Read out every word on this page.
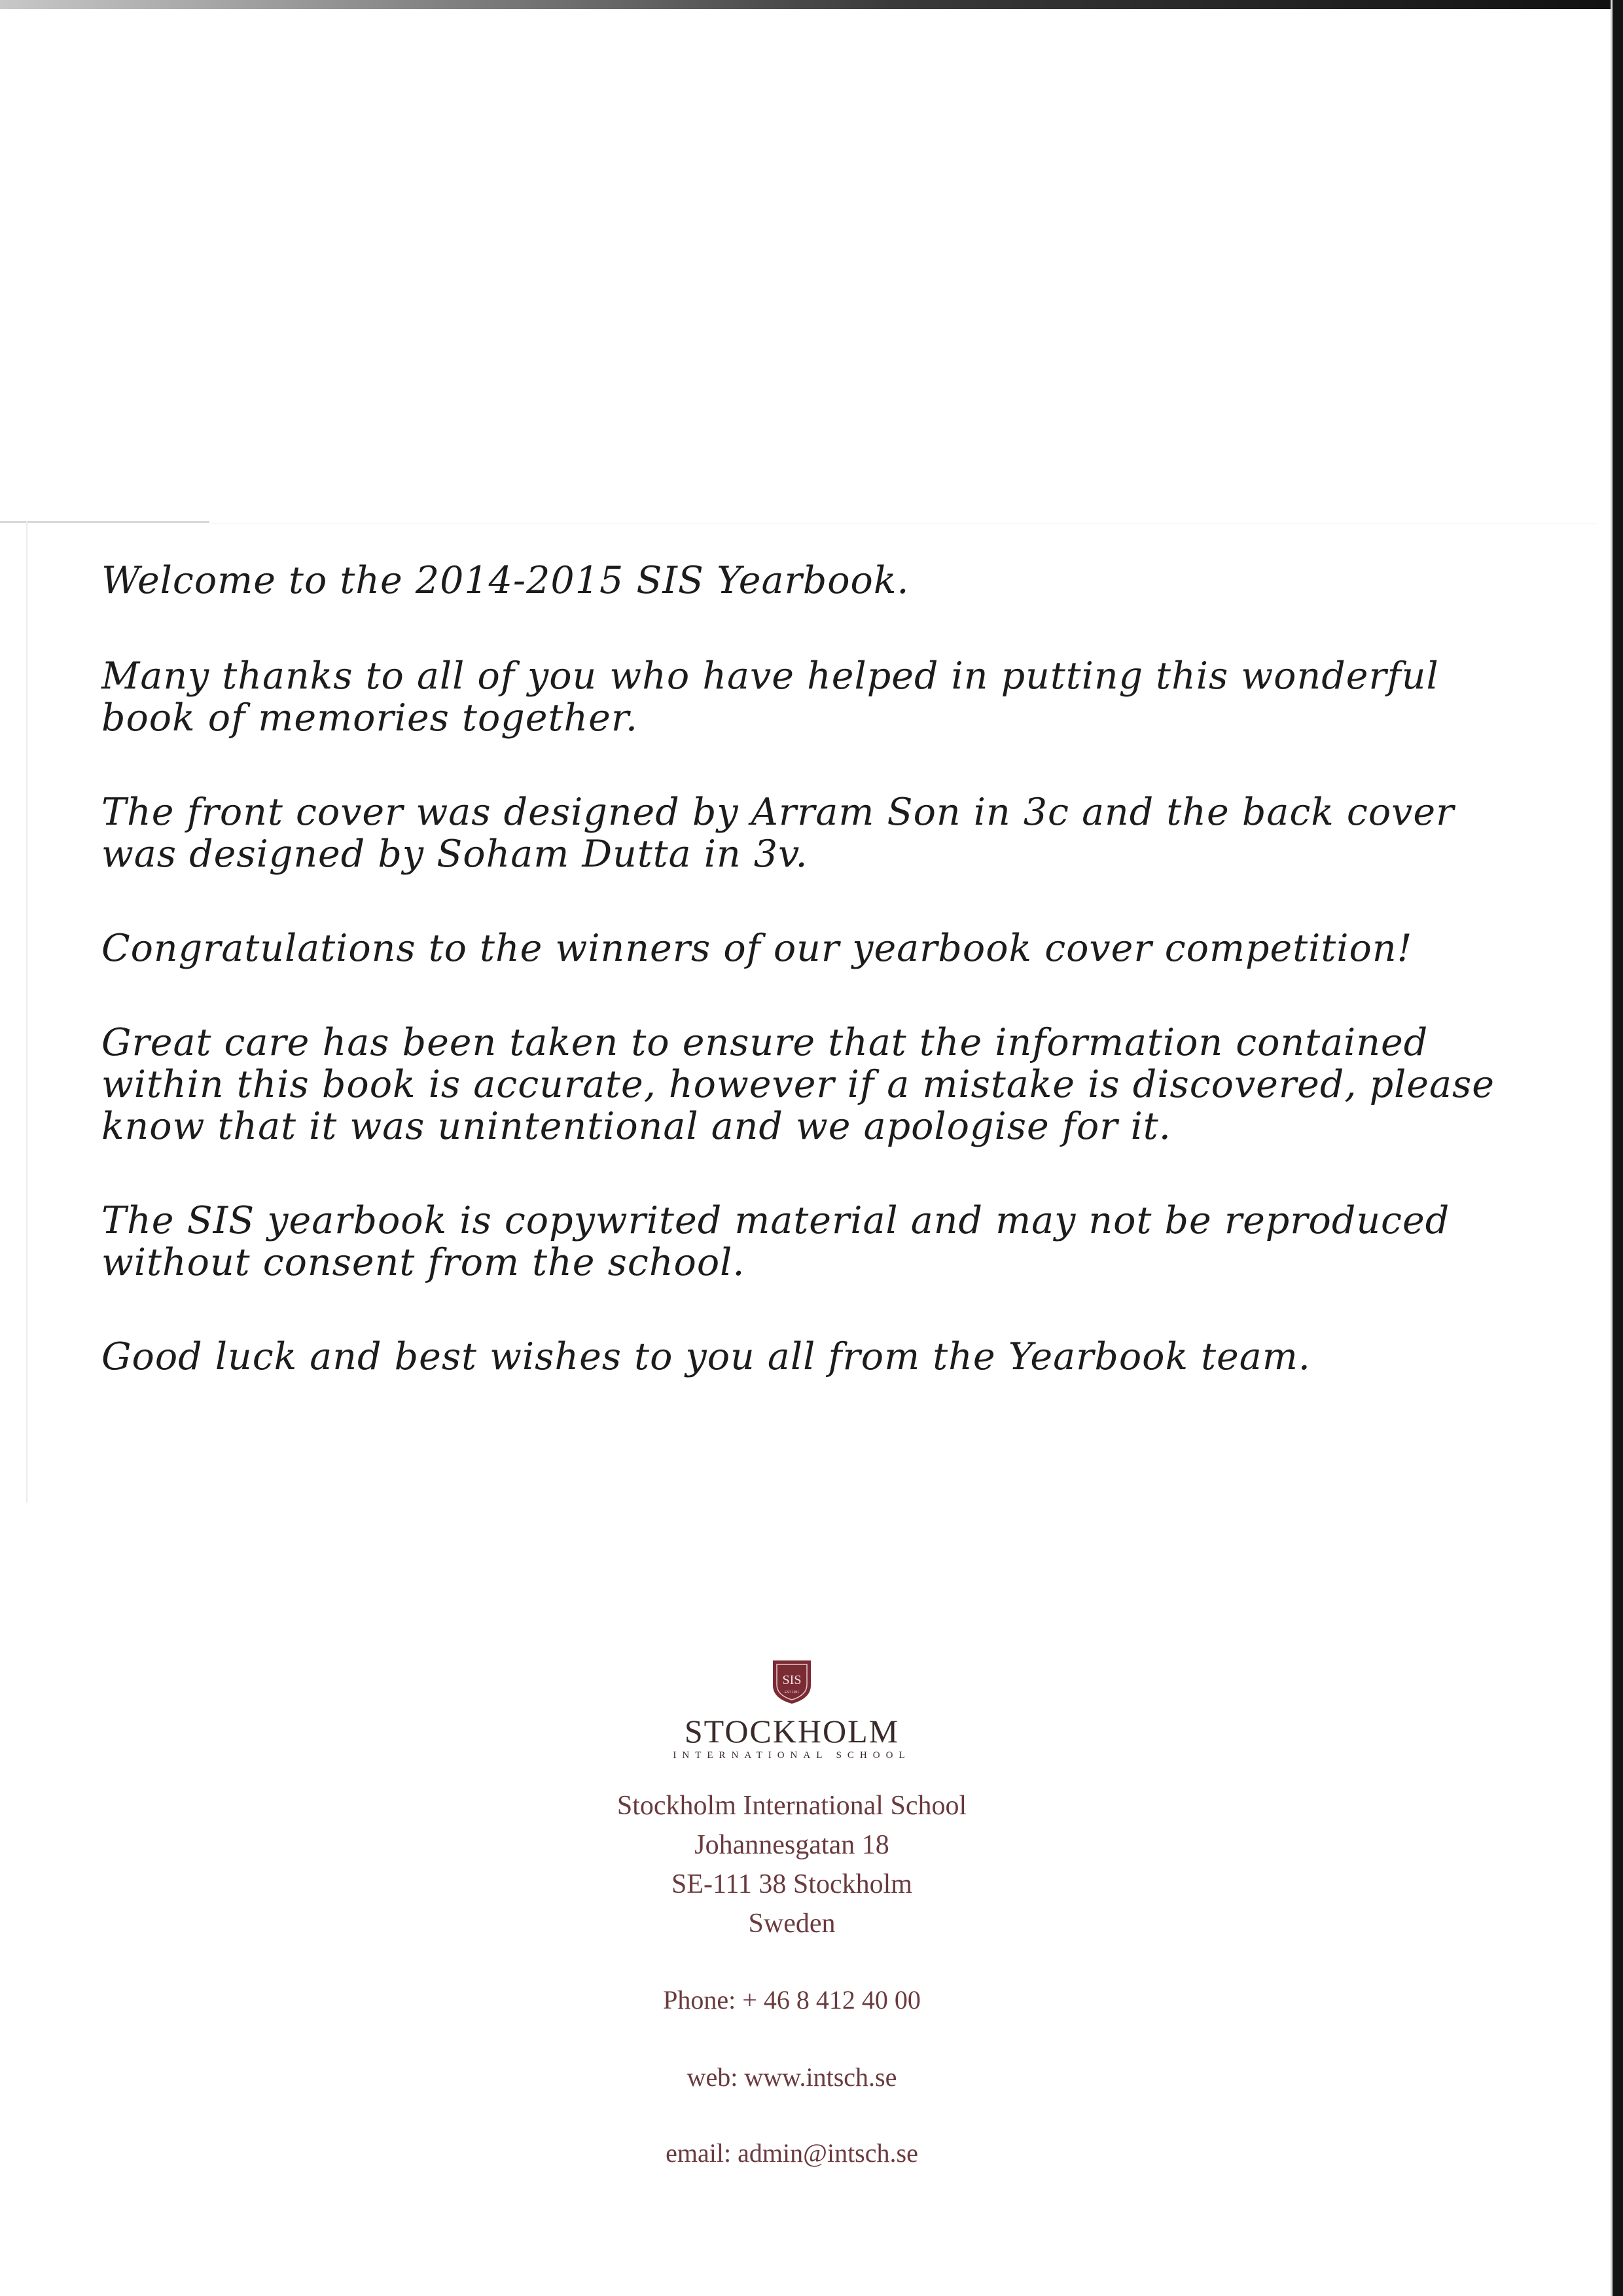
Welcome to the 2014-2015 SIS Yearbook.

Many thanks to all of you who have helped in putting this wonderful book of memories together.

The front cover was designed by Arram Son in 3c and the back cover was designed by Soham Dutta in 3v.

Congratulations to the winners of our yearbook cover competition!

Great care has been taken to ensure that the information contained within this book is accurate, however if a mistake is discovered, please know that it was unintentional and we apologise for it.

The SIS yearbook is copywrited material and may not be reproduced without consent from the school.

Good luck and best wishes to you all from the Yearbook team.

SIS
EST 1951
STOCKHOLM
INTERNATIONAL SCHOOL
Stockholm International School
Johannesgatan 18
SE-111 38 Stockholm
Sweden
Phone: + 46 8 412 40 00
web: www.intsch.se
email: admin@intsch.se
